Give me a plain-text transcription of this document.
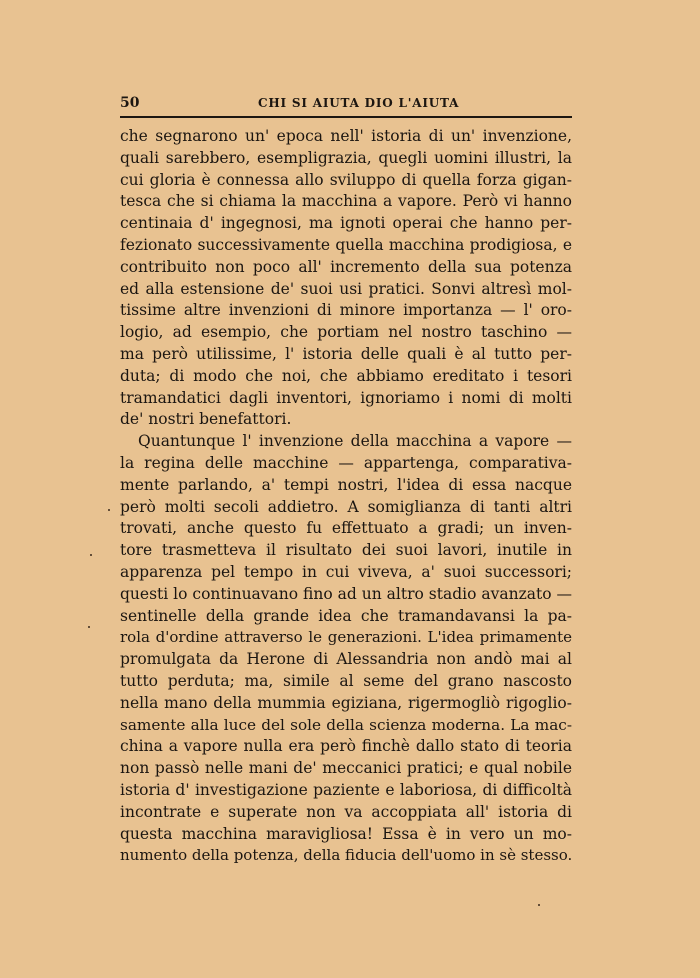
50	CHI SI AIUTA DIO L'AIUTA
che segnarono un' epoca nell' istoria di un' invenzione,
quali sarebbero, esempligrazia, quegli uomini illustri, la
cui gloria è connessa allo sviluppo di quella forza gigan-
tesca che si chiama la macchina a vapore. Però vi hanno
centinaia d' ingegnosi, ma ignoti operai che hanno per-
fezionato successivamente quella macchina prodigiosa, e
contribuito non poco all' incremento della sua potenza
ed alla estensione de' suoi usi pratici. Sonvi altresì mol-
tissime altre invenzioni di minore importanza — l' oro-
logio, ad esempio, che portiam nel nostro taschino —
ma però utilissime, l' istoria delle quali è al tutto per-
duta; di modo che noi, che abbiamo ereditato i tesori
tramandatici dagli inventori, ignoriamo i nomi di molti
de' nostri benefattori.
Quantunque l' invenzione della macchina a vapore —
la regina delle macchine — appartenga, comparativa-
mente parlando, a' tempi nostri, l'idea di essa nacque
però molti secoli addietro. A somiglianza di tanti altri
trovati, anche questo fu effettuato a gradi; un inven-
tore trasmetteva il risultato dei suoi lavori, inutile in
apparenza pel tempo in cui viveva, a' suoi successori;
questi lo continuavano fino ad un altro stadio avanzato —
sentinelle della grande idea che tramandavansi la pa-
rola d'ordine attraverso le generazioni. L'idea primamente
promulgata da Herone di Alessandria non andò mai al
tutto perduta; ma, simile al seme del grano nascosto
nella mano della mummia egiziana, rigermogliò rigoglio-
samente alla luce del sole della scienza moderna. La mac-
china a vapore nulla era però finchè dallo stato di teoria
non passò nelle mani de' meccanici pratici; e qual nobile
istoria d' investigazione paziente e laboriosa, di difficoltà
incontrate e superate non va accoppiata all' istoria di
questa macchina maravigliosa! Essa è in vero un mo-
numento della potenza, della fiducia dell'uomo in sè stesso.
